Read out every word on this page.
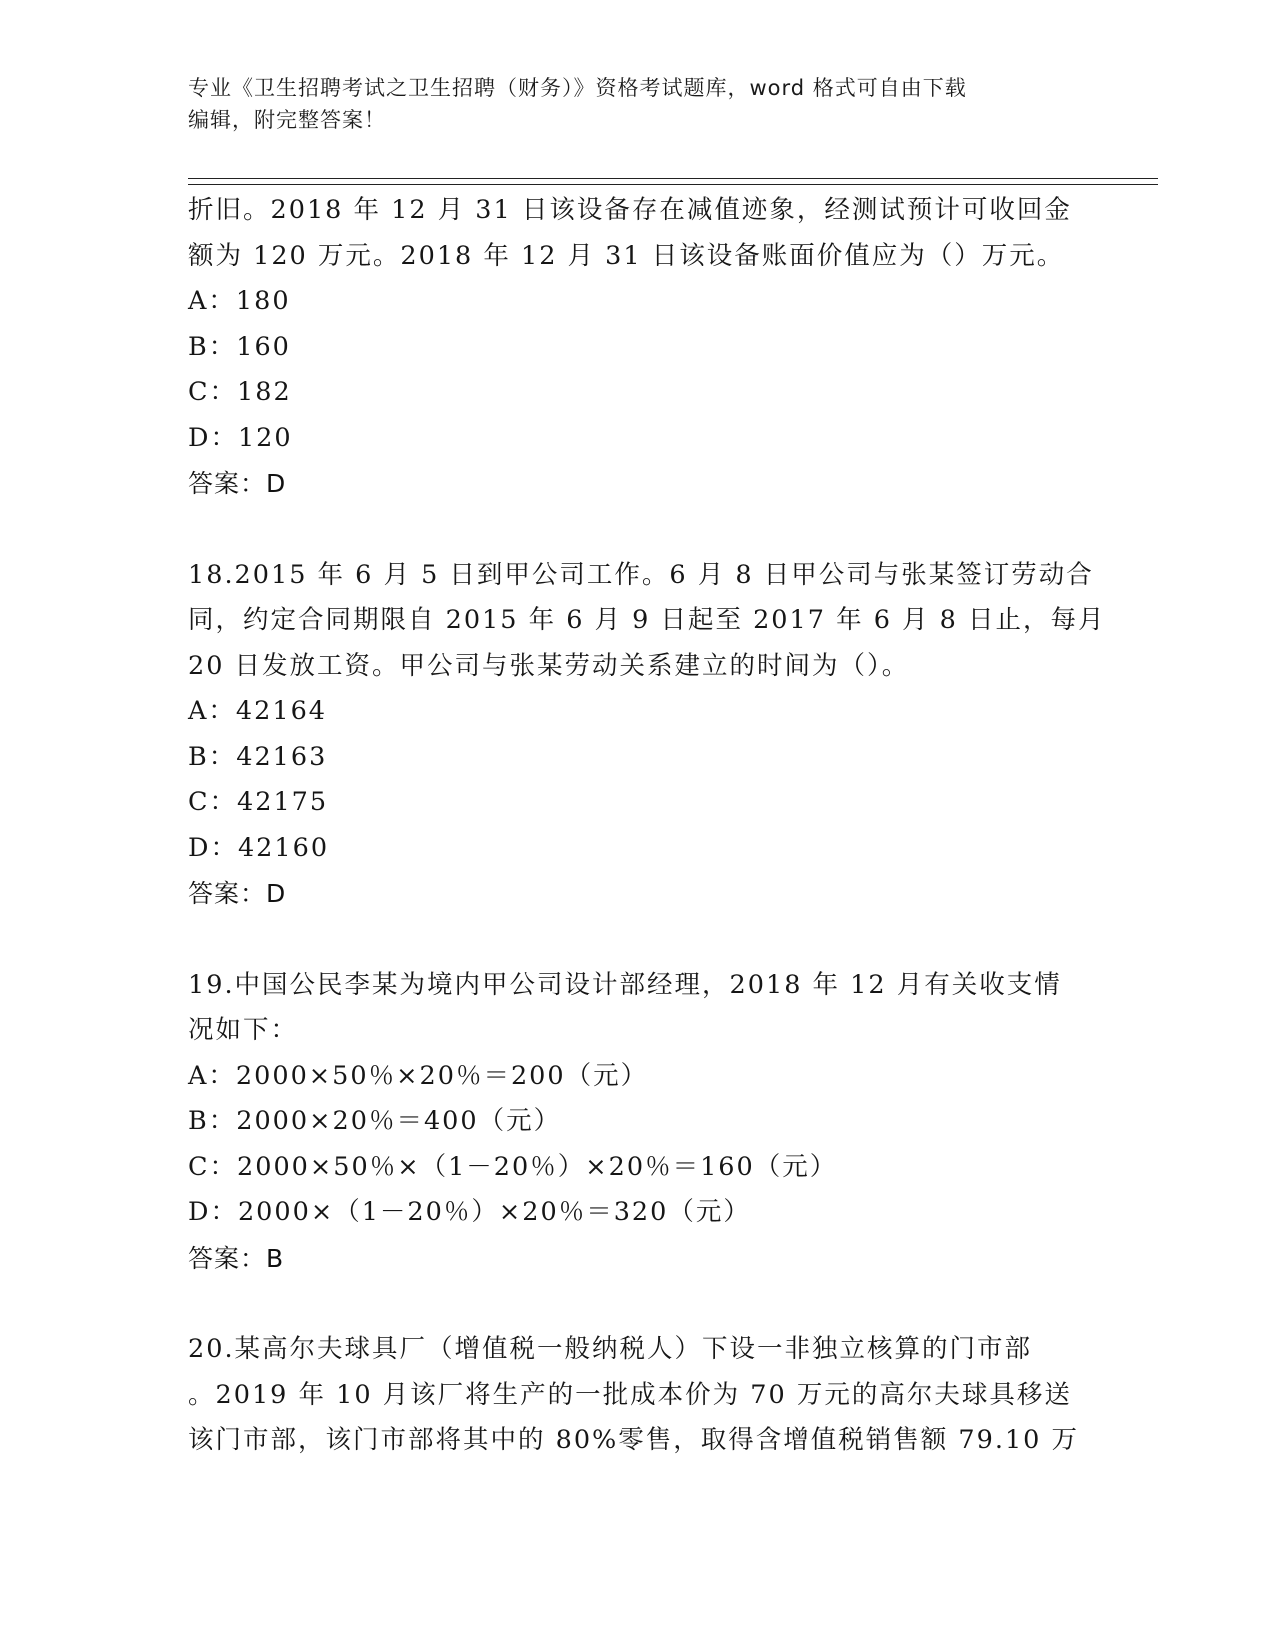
专业《卫生招聘考试之卫生招聘（财务）》资格考试题库，word 格式可自由下载
编辑，附完整答案！
折旧。2018 年 12 月 31 日该设备存在减值迹象，经测试预计可收回金
额为 120 万元。2018 年 12 月 31 日该设备账面价值应为（）万元。
A：180
B：160
C：182
D：120
答案：D
18.2015 年 6 月 5 日到甲公司工作。6 月 8 日甲公司与张某签订劳动合
同，约定合同期限自 2015 年 6 月 9 日起至 2017 年 6 月 8 日止，每月
20 日发放工资。甲公司与张某劳动关系建立的时间为（）。
A：42164
B：42163
C：42175
D：42160
答案：D
19.中国公民李某为境内甲公司设计部经理，2018 年 12 月有关收支情
况如下：
A：2000×50％×20％＝200（元）
B：2000×20％＝400（元）
C：2000×50％×（1－20％）×20％＝160（元）
D：2000×（1－20％）×20％＝320（元）
答案：B
20.某高尔夫球具厂（增值税一般纳税人）下设一非独立核算的门市部
。2019 年 10 月该厂将生产的一批成本价为 70 万元的高尔夫球具移送
该门市部，该门市部将其中的 80%零售，取得含增值税销售额 79.10 万
